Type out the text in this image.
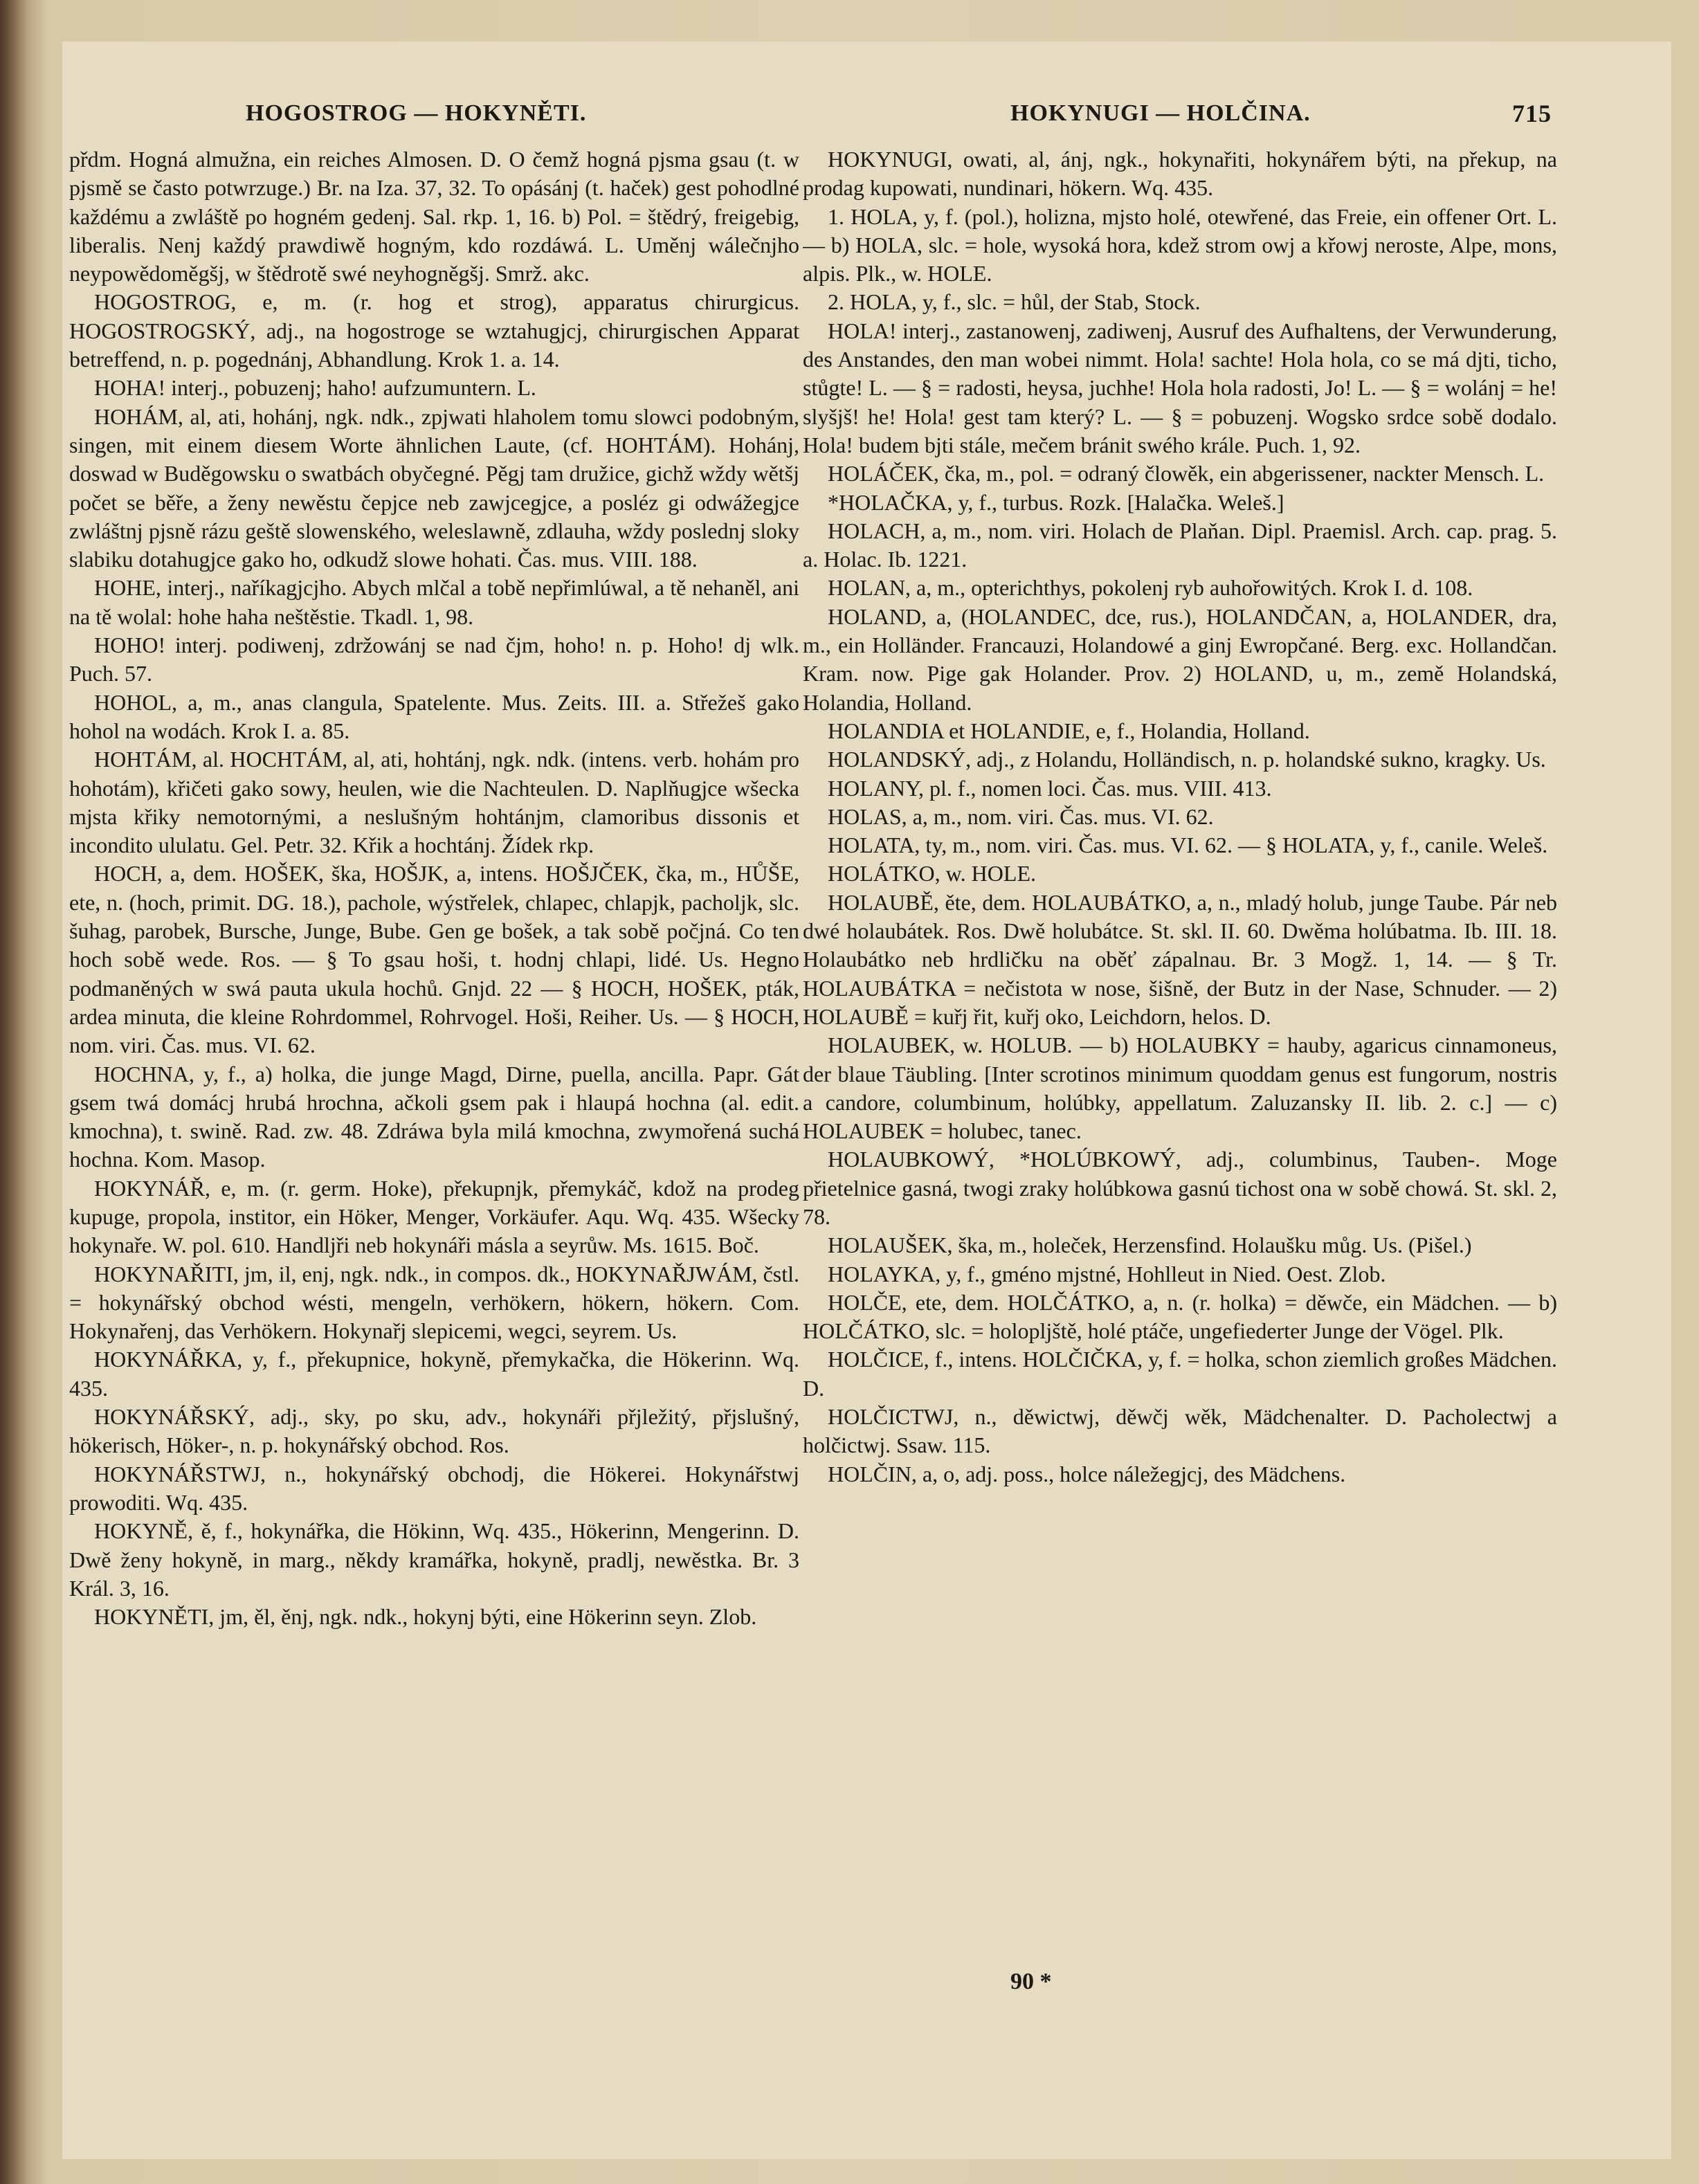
HOGOSTROG — HOKYNĚTI.	HOKYNUGI — HOLČINA.	715

přdm. Hogná almužna, ein reiches Almosen. D. O čemž hogná pjsma gsau (t. w pjsmě se často potwrzuge.) Br. na Iza. 37, 32. To opásánj (t. haček) gest pohodlné každému a zwláště po hogném gedenj. Sal. rkp. 1, 16. b) Pol. = štědrý, freigebig, liberalis. Nenj každý prawdiwě hogným, kdo rozdáwá. L. Uměnj wálečnjho neypowědoměgšj, w štědrotě swé neyhogněgšj. Smrž. akc.

HOGOSTROG, e, m. (r. hog et strog), apparatus chirurgicus. HOGOSTROGSKÝ, adj., na hogostroge se wztahugjcj, chirurgischen Apparat betreffend, n. p. pogednánj, Abhandlung. Krok 1. a. 14.

HOHA! interj., pobuzenj; haho! aufzumuntern. L.

HOHÁM, al, ati, hohánj, ngk. ndk., zpjwati hlaholem tomu slowci podobným, singen, mit einem diesem Worte ähnlichen Laute, (cf. HOHTÁM). Hohánj, doswad w Buděgowsku o swatbách obyčegné. Pěgj tam družice, gichž wždy wětšj počet se běře, a ženy newěstu čepjce neb zawjcegjce, a posléz gi odwážegjce zwláštnj pjsně rázu geště slowenského, weleslawně, zdlauha, wždy poslednj sloky slabiku dotahugjce gako ho, odkudž slowe hohati. Čas. mus. VIII. 188.

HOHE, interj., naříkagjcjho. Abych mlčal a tobě nepřimlúwal, a tě nehaněl, ani na tě wolal: hohe haha neštěstie. Tkadl. 1, 98.

HOHO! interj. podiwenj, zdržowánj se nad čjm, hoho! n. p. Hoho! dj wlk. Puch. 57.

HOHOL, a, m., anas clangula, Spatelente. Mus. Zeits. III. a. Střežeš gako hohol na wodách. Krok I. a. 85.

HOHTÁM, al. HOCHTÁM, al, ati, hohtánj, ngk. ndk. (intens. verb. hohám pro hohotám), křičeti gako sowy, heulen, wie die Nachteulen. D. Naplňugjce wšecka mjsta křiky nemotornými, a neslušným hohtánjm, clamoribus dissonis et incondito ululatu. Gel. Petr. 32. Křik a hochtánj. Žídek rkp.

HOCH, a, dem. HOŠEK, ška, HOŠJK, a, intens. HOŠJČEK, čka, m., HŮŠE, ete, n. (hoch, primit. DG. 18.), pachole, wýstřelek, chlapec, chlapjk, pacholjk, slc. šuhag, parobek, Bursche, Junge, Bube. Gen ge bošek, a tak sobě počjná. Co ten hoch sobě wede. Ros. — § To gsau hoši, t. hodnj chlapi, lidé. Us. Hegno podmaněných w swá pauta ukula hochů. Gnjd. 22 — § HOCH, HOŠEK, pták, ardea minuta, die kleine Rohrdommel, Rohrvogel. Hoši, Reiher. Us. — § HOCH, nom. viri. Čas. mus. VI. 62.

HOCHNA, y, f., a) holka, die junge Magd, Dirne, puella, ancilla. Papr. Gát gsem twá domácj hrubá hrochna, ačkoli gsem pak i hlaupá hochna (al. edit. kmochna), t. swině. Rad. zw. 48. Zdráwa byla milá kmochna, zwymořená suchá hochna. Kom. Masop.

HOKYNÁŘ, e, m. (r. germ. Hoke), překupnjk, přemykáč, kdož na prodeg kupuge, propola, institor, ein Höker, Menger, Vorkäufer. Aqu. Wq. 435. Wšecky hokynaře. W. pol. 610. Handljři neb hokynáři másla a seyrůw. Ms. 1615. Boč.

HOKYNAŘITI, jm, il, enj, ngk. ndk., in compos. dk., HOKYNAŘJWÁM, čstl. = hokynářský obchod wésti, mengeln, verhökern, hökern, hökern. Com. Hokynařenj, das Verhökern. Hokynařj slepicemi, wegci, seyrem. Us.

HOKYNÁŘKA, y, f., překupnice, hokyně, přemykačka, die Hökerinn. Wq. 435.

HOKYNÁŘSKÝ, adj., sky, po sku, adv., hokynáři přjležitý, přjslušný, hökerisch, Höker-, n. p. hokynářský obchod. Ros.

HOKYNÁŘSTWJ, n., hokynářský obchodj, die Hökerei. Hokynářstwj prowoditi. Wq. 435.

HOKYNĚ, ě, f., hokynářka, die Hökinn, Wq. 435., Hökerinn, Mengerinn. D. Dwě ženy hokyně, in marg., někdy kramářka, hokyně, pradlj, newěstka. Br. 3 Král. 3, 16.

HOKYNĚTI, jm, ěl, ěnj, ngk. ndk., hokynj býti, eine Hökerinn seyn. Zlob.

HOKYNUGI, owati, al, ánj, ngk., hokynařiti, hokynářem býti, na překup, na prodag kupowati, nundinari, hökern. Wq. 435.

1. HOLA, y, f. (pol.), holizna, mjsto holé, otewřené, das Freie, ein offener Ort. L. — b) HOLA, slc. = hole, wysoká hora, kdež strom owj a křowj neroste, Alpe, mons, alpis. Plk., w. HOLE.

2. HOLA, y, f., slc. = hůl, der Stab, Stock.

HOLA! interj., zastanowenj, zadiwenj, Ausruf des Aufhaltens, der Verwunderung, des Anstandes, den man wobei nimmt. Hola! sachte! Hola hola, co se má djti, ticho, stůgte! L. — § = radosti, heysa, juchhe! Hola hola radosti, Jo! L. — § = wolánj = he! slyšjš! he! Hola! gest tam který? L. — § = pobuzenj. Wogsko srdce sobě dodalo. Hola! budem bjti stále, mečem bránit swého krále. Puch. 1, 92.

HOLÁČEK, čka, m., pol. = odraný člowěk, ein abgerissener, nackter Mensch. L.

*HOLAČKA, y, f., turbus. Rozk. [Halačka. Weleš.]

HOLACH, a, m., nom. viri. Holach de Plaňan. Dipl. Praemisl. Arch. cap. prag. 5. a. Holac. Ib. 1221.

HOLAN, a, m., opterichthys, pokolenj ryb auhořowitých. Krok I. d. 108.

HOLAND, a, (HOLANDEC, dce, rus.), HOLANDČAN, a, HOLANDER, dra, m., ein Holländer. Francauzi, Holandowé a ginj Ewropčané. Berg. exc. Hollandčan. Kram. now. Pige gak Holander. Prov. 2) HOLAND, u, m., země Holandská, Holandia, Holland.

HOLANDIA et HOLANDIE, e, f., Holandia, Holland.

HOLANDSKÝ, adj., z Holandu, Holländisch, n. p. holandské sukno, kragky. Us.

HOLANY, pl. f., nomen loci. Čas. mus. VIII. 413.

HOLAS, a, m., nom. viri. Čas. mus. VI. 62.

HOLATA, ty, m., nom. viri. Čas. mus. VI. 62. — § HOLATA, y, f., canile. Weleš.

HOLÁTKO, w. HOLE.

HOLAUBĚ, ěte, dem. HOLAUBÁTKO, a, n., mladý holub, junge Taube. Pár neb dwé holaubátek. Ros. Dwě holubátce. St. skl. II. 60. Dwěma holúbatma. Ib. III. 18. Holaubátko neb hrdličku na oběť zápalnau. Br. 3 Mogž. 1, 14. — § Tr. HOLAUBÁTKA = nečistota w nose, šišně, der Butz in der Nase, Schnuder. — 2) HOLAUBĚ = kuřj řit, kuřj oko, Leichdorn, helos. D.

HOLAUBEK, w. HOLUB. — b) HOLAUBKY = hauby, agaricus cinnamoneus, der blaue Täubling. [Inter scrotinos minimum quoddam genus est fungorum, nostris a candore, columbinum, holúbky, appellatum. Zaluzansky II. lib. 2. c.] — c) HOLAUBEK = holubec, tanec.

HOLAUBKOWÝ, *HOLÚBKOWÝ, adj., columbinus, Tauben-. Moge přietelnice gasná, twogi zraky holúbkowa gasnú tichost ona w sobě chowá. St. skl. 2, 78.

HOLAUŠEK, ška, m., holeček, Herzensfind. Holaušku můg. Us. (Pišel.)

HOLAYKA, y, f., gméno mjstné, Hohlleut in Nied. Oest. Zlob.

HOLČE, ete, dem. HOLČÁTKO, a, n. (r. holka) = děwče, ein Mädchen. — b) HOLČÁTKO, slc. = holopljště, holé ptáče, ungefiederter Junge der Vögel. Plk.

HOLČICE, f., intens. HOLČIČKA, y, f. = holka, schon ziemlich großes Mädchen. D.

HOLČICTWJ, n., děwictwj, děwčj wěk, Mädchenalter. D. Pacholectwj a holčictwj. Ssaw. 115.

HOLČIN, a, o, adj. poss., holce náležegjcj, des Mädchens.

90 *
